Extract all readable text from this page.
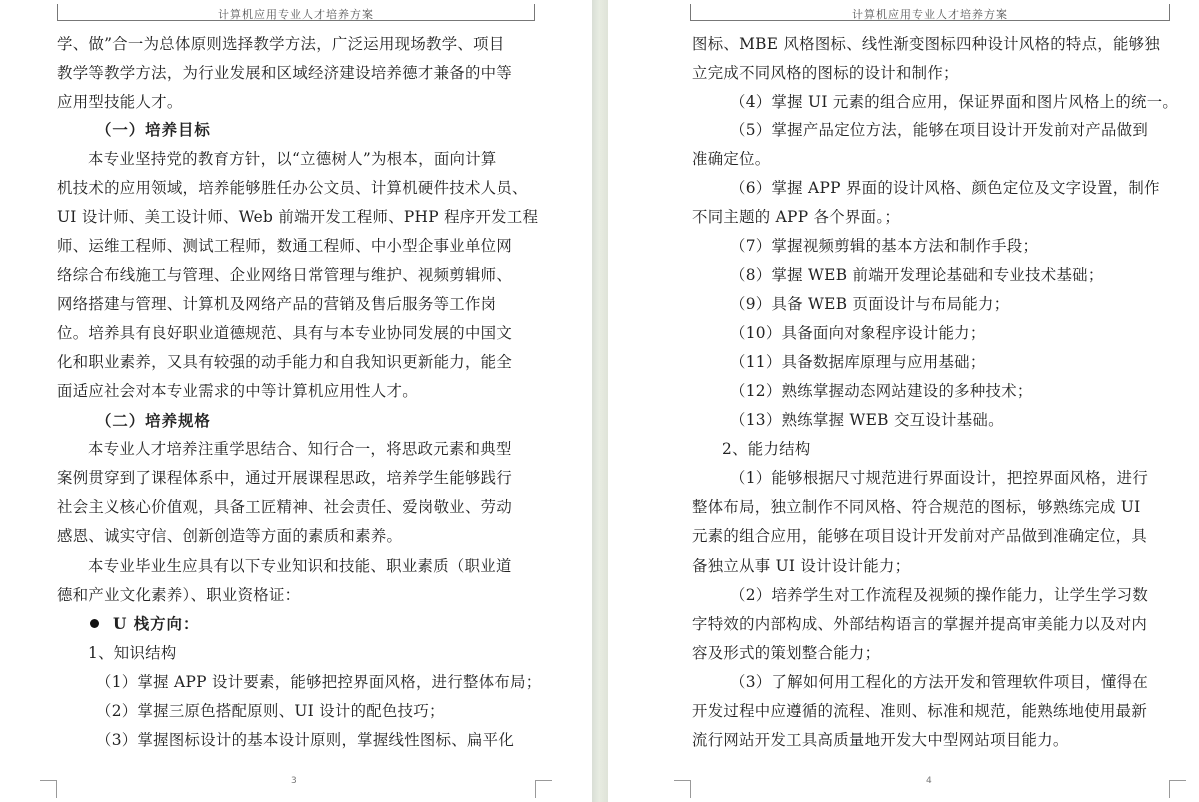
计算机应用专业人才培养方案
学、做”合一为总体原则选择教学方法，广泛运用现场教学、项目
教学等教学方法，为行业发展和区域经济建设培养德才兼备的中等
应用型技能人才。
（一）培养目标
本专业坚持党的教育方针，以“立德树人”为根本，面向计算
机技术的应用领域，培养能够胜任办公文员、计算机硬件技术人员、
UI 设计师、美工设计师、Web 前端开发工程师、PHP 程序开发工程
师、运维工程师、测试工程师，数通工程师、中小型企事业单位网
络综合布线施工与管理、企业网络日常管理与维护、视频剪辑师、
网络搭建与管理、计算机及网络产品的营销及售后服务等工作岗
位。培养具有良好职业道德规范、具有与本专业协同发展的中国文
化和职业素养，又具有较强的动手能力和自我知识更新能力，能全
面适应社会对本专业需求的中等计算机应用性人才。
（二）培养规格
本专业人才培养注重学思结合、知行合一，将思政元素和典型
案例贯穿到了课程体系中，通过开展课程思政，培养学生能够践行
社会主义核心价值观，具备工匠精神、社会责任、爱岗敬业、劳动
感恩、诚实守信、创新创造等方面的素质和素养。
本专业毕业生应具有以下专业知识和技能、职业素质（职业道
德和产业文化素养）、职业资格证：
U 栈方向：
1、知识结构
（1）掌握 APP 设计要素，能够把控界面风格，进行整体布局；
（2）掌握三原色搭配原则、UI 设计的配色技巧；
（3）掌握图标设计的基本设计原则，掌握线性图标、扁平化
3
计算机应用专业人才培养方案
图标、MBE 风格图标、线性渐变图标四种设计风格的特点，能够独
立完成不同风格的图标的设计和制作；
（4）掌握 UI 元素的组合应用，保证界面和图片风格上的统一。
（5）掌握产品定位方法，能够在项目设计开发前对产品做到
准确定位。
（6）掌握 APP 界面的设计风格、颜色定位及文字设置，制作
不同主题的 APP 各个界面。；
（7）掌握视频剪辑的基本方法和制作手段；
（8）掌握 WEB 前端开发理论基础和专业技术基础；
（9）具备 WEB 页面设计与布局能力；
（10）具备面向对象程序设计能力；
（11）具备数据库原理与应用基础；
（12）熟练掌握动态网站建设的多种技术；
（13）熟练掌握 WEB 交互设计基础。
2、能力结构
（1）能够根据尺寸规范进行界面设计，把控界面风格，进行
整体布局，独立制作不同风格、符合规范的图标，够熟练完成 UI
元素的组合应用，能够在项目设计开发前对产品做到准确定位，具
备独立从事 UI 设计设计能力；
（2）培养学生对工作流程及视频的操作能力，让学生学习数
字特效的内部构成、外部结构语言的掌握并提高审美能力以及对内
容及形式的策划整合能力；
（3）了解如何用工程化的方法开发和管理软件项目，懂得在
开发过程中应遵循的流程、准则、标准和规范，能熟练地使用最新
流行网站开发工具高质量地开发大中型网站项目能力。
4
